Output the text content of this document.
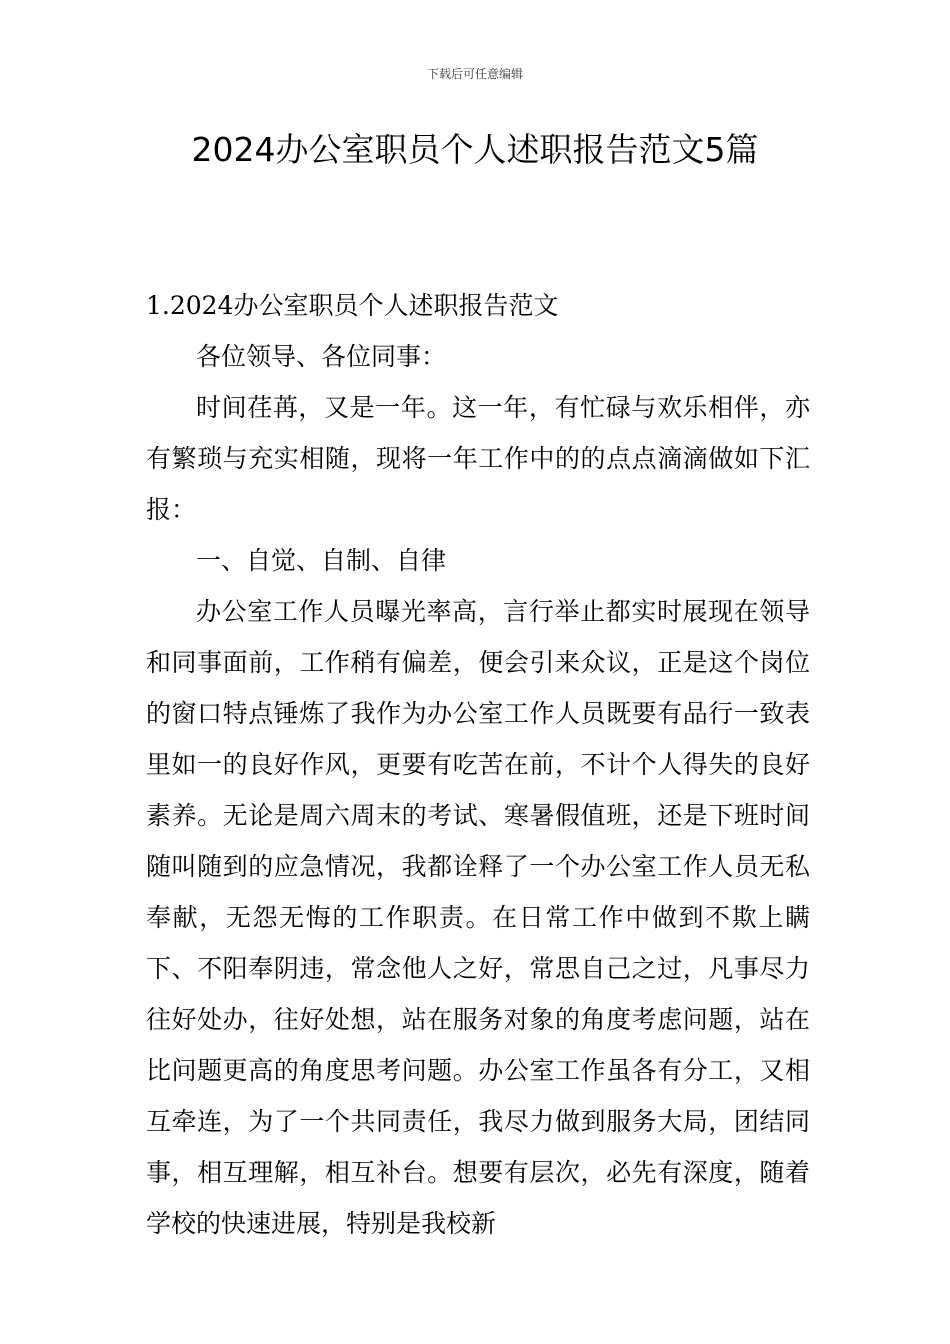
下载后可任意编辑
2024办公室职员个人述职报告范文5篇
1.2024办公室职员个人述职报告范文

各位领导、各位同事：

时间荏苒，又是一年。这一年，有忙碌与欢乐相伴，亦有繁琐与充实相随，现将一年工作中的的点点滴滴做如下汇报：

一、自觉、自制、自律

办公室工作人员曝光率高，言行举止都实时展现在领导和同事面前，工作稍有偏差，便会引来众议，正是这个岗位的窗口特点锤炼了我作为办公室工作人员既要有品行一致表里如一的良好作风，更要有吃苦在前，不计个人得失的良好素养。无论是周六周末的考试、寒暑假值班，还是下班时间随叫随到的应急情况，我都诠释了一个办公室工作人员无私奉献，无怨无悔的工作职责。在日常工作中做到不欺上瞒下、不阳奉阴违，常念他人之好，常思自己之过，凡事尽力往好处办，往好处想，站在服务对象的角度考虑问题，站在比问题更高的角度思考问题。办公室工作虽各有分工，又相互牵连，为了一个共同责任，我尽力做到服务大局，团结同事，相互理解，相互补台。想要有层次，必先有深度，随着学校的快速进展，特别是我校新
